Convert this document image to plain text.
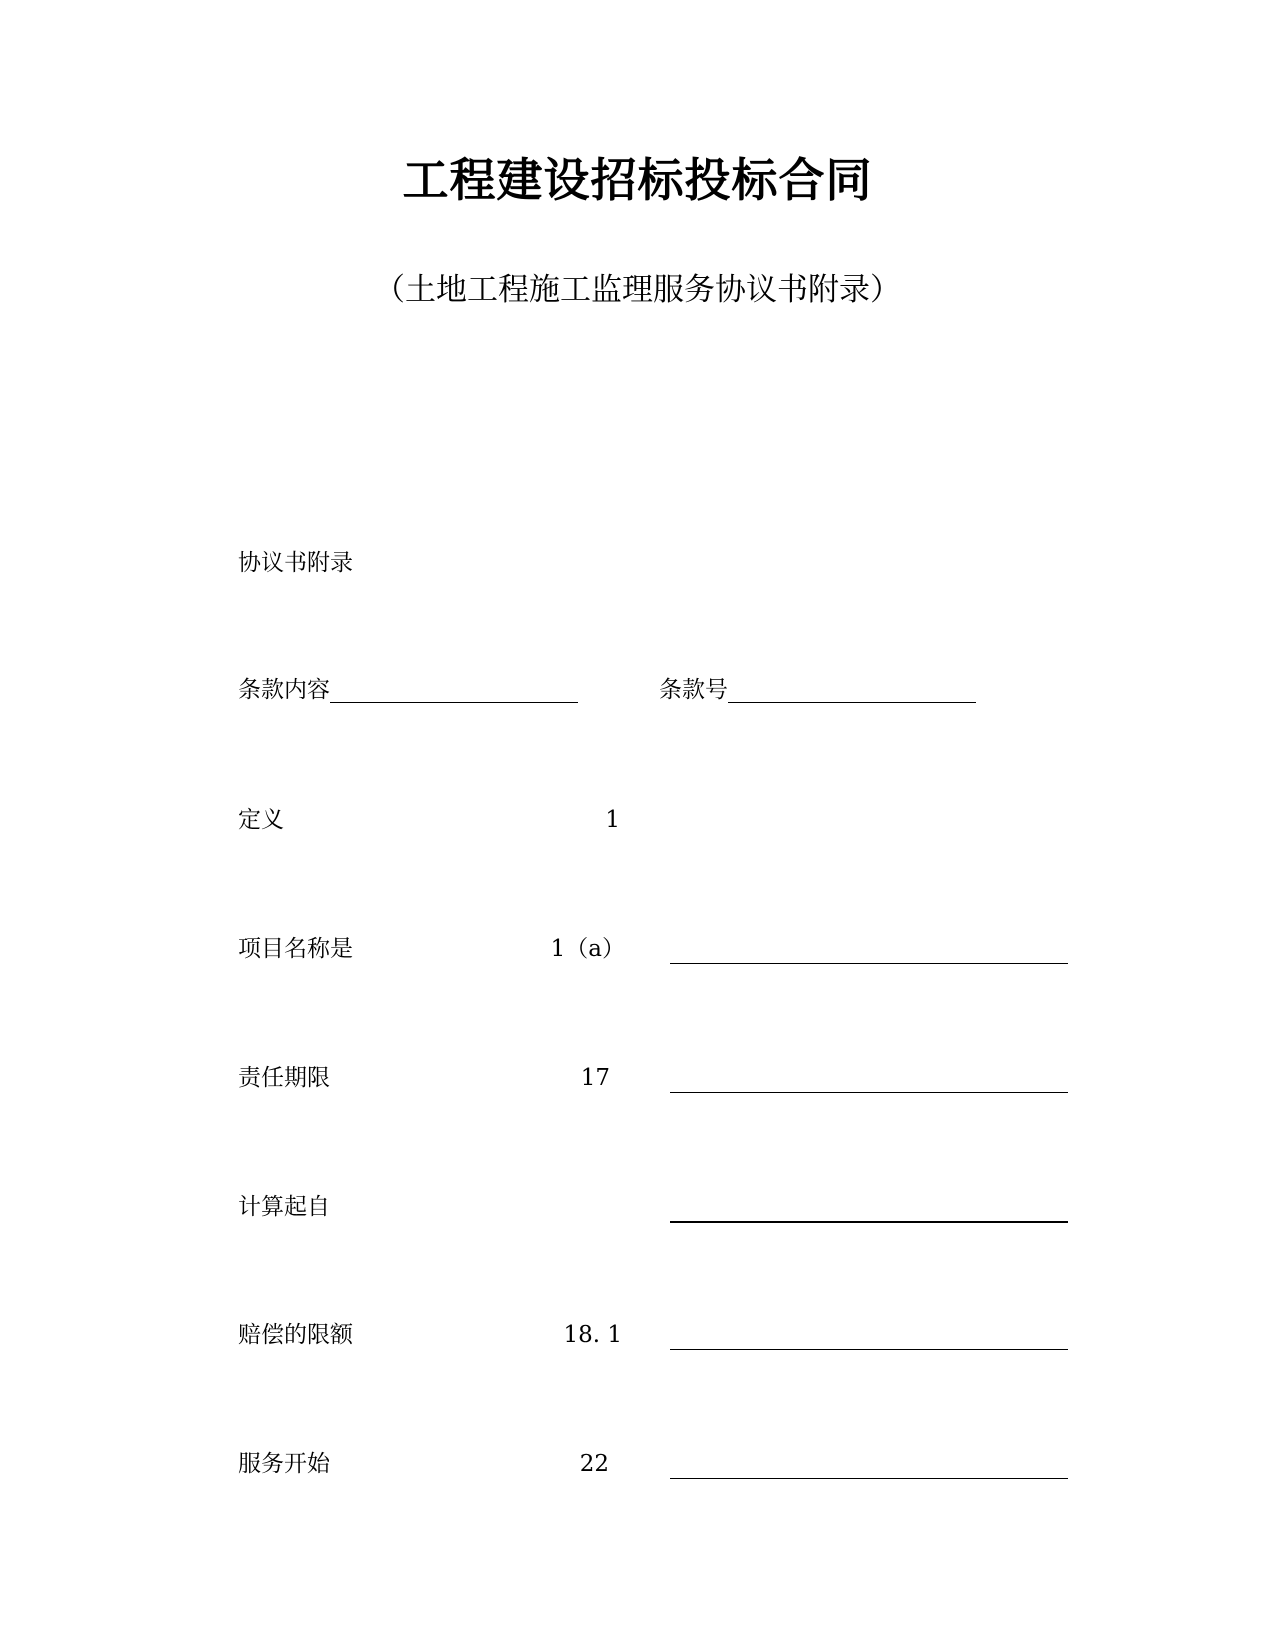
工程建设招标投标合同
（土地工程施工监理服务协议书附录）
协议书附录
条款内容	条款号
定义	1
项目名称是	1（a）
责任期限	17
计算起自
赔偿的限额	18. 1
服务开始	22
